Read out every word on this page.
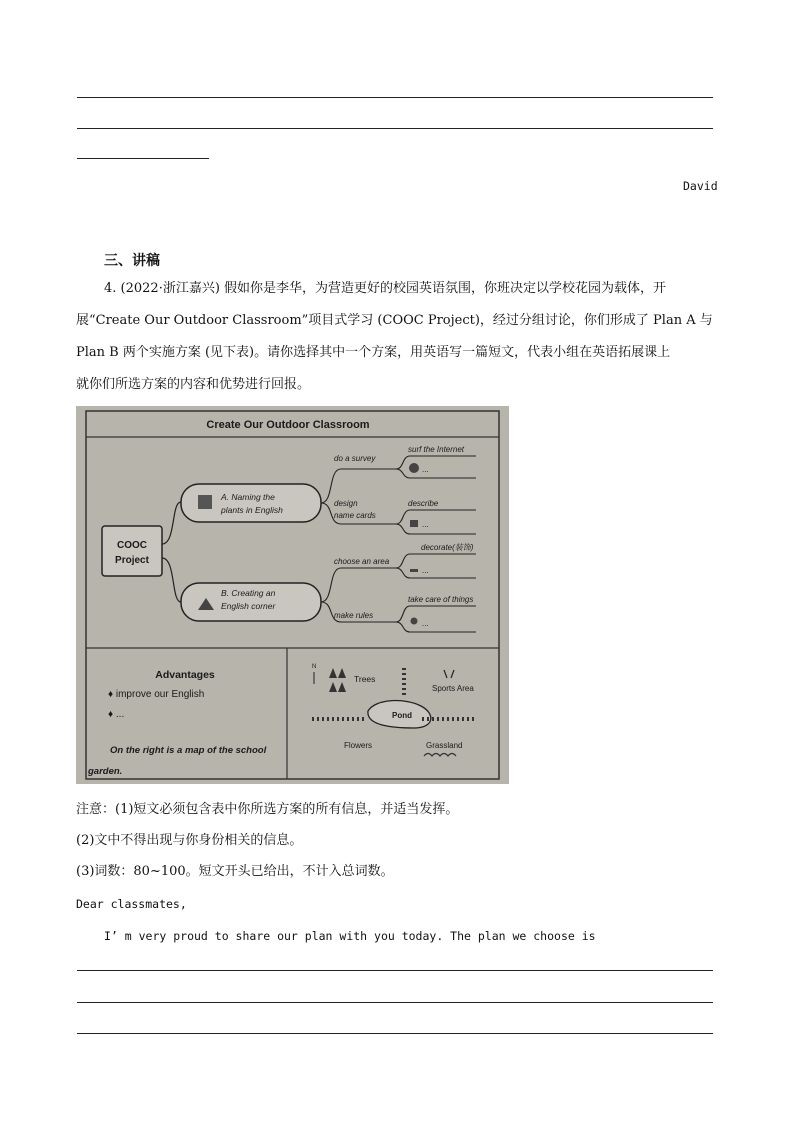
David
三、讲稿
4. (2022·浙江嘉兴) 假如你是李华，为营造更好的校园英语氛围，你班决定以学校花园为载体，开
展“Create Our Outdoor Classroom”项目式学习 (COOC Project)，经过分组讨论，你们形成了 Plan A 与
Plan B 两个实施方案 (见下表)。请你选择其中一个方案，用英语写一篇短文，代表小组在英语拓展课上
就你们所选方案的内容和优势进行回报。
Create Our Outdoor Classroom
COOC
Project
A. Naming the
plants in English
B. Creating an
English corner
do a survey
design
name cards
surf the Internet
...
describe
...
choose an area
make rules
decorate(装饰)
...
take care of things
...
Advantages
♦ improve our English
♦ ...
On the right is a map of the school
garden.
N
Trees
Sports Area
Pond
Flowers	Grassland
注意：(1)短文必须包含表中你所选方案的所有信息，并适当发挥。
(2)文中不得出现与你身份相关的信息。
(3)词数：80~100。短文开头已给出，不计入总词数。
Dear classmates,
I’ m very proud to share our plan with you today. The plan we choose is
